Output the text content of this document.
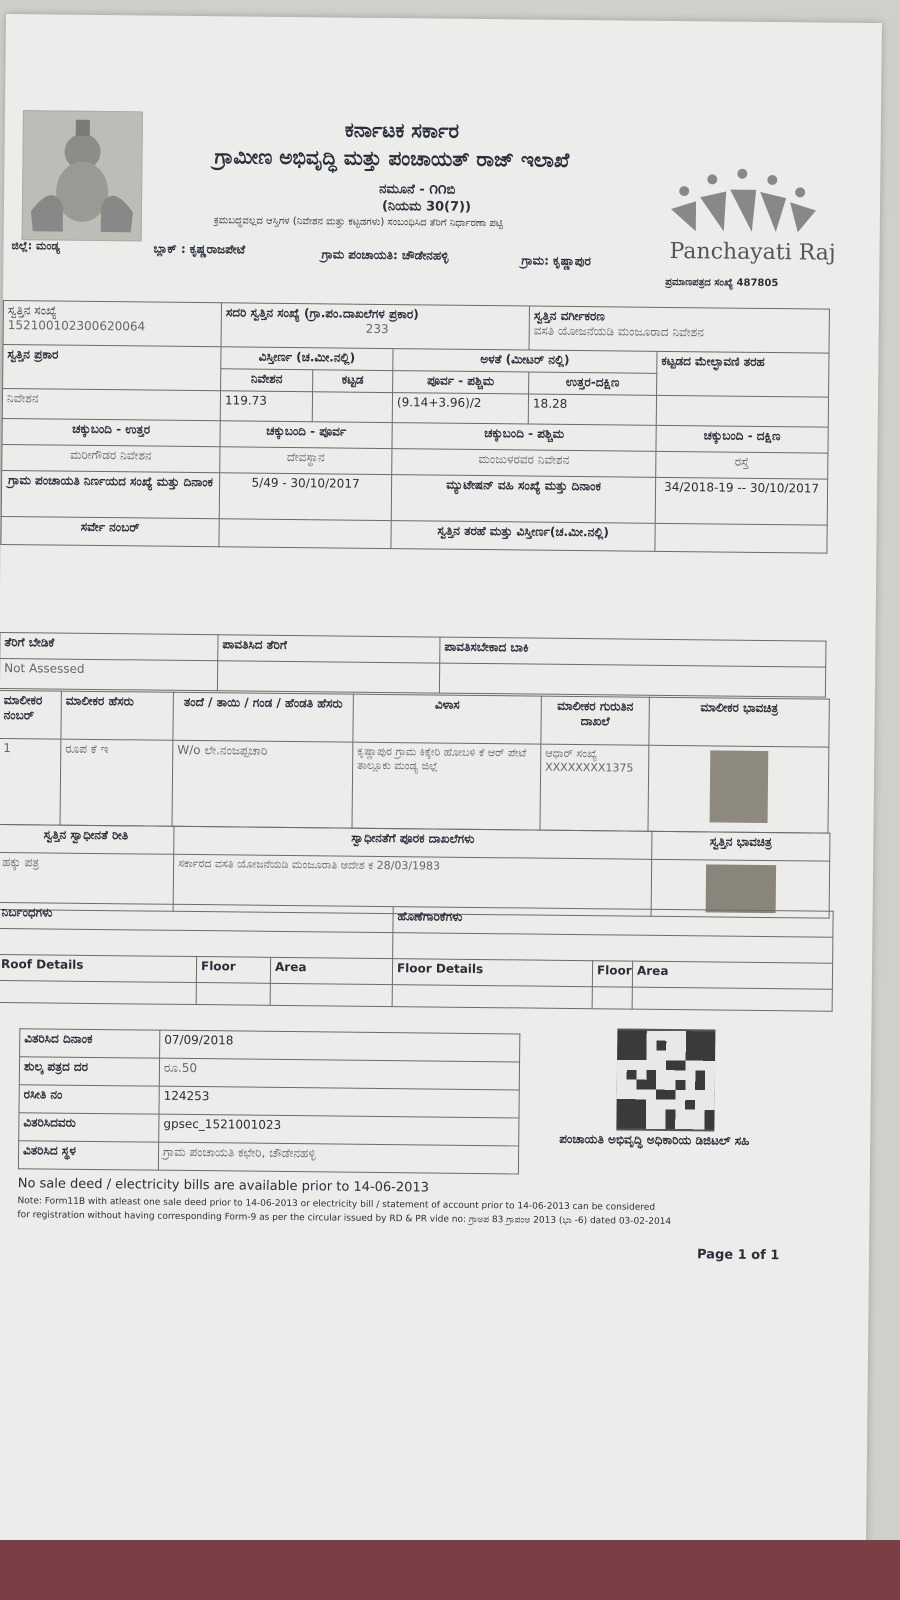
ಕರ್ನಾಟಕ ಸರ್ಕಾರ
ಗ್ರಾಮೀಣ ಅಭಿವೃದ್ಧಿ ಮತ್ತು ಪಂಚಾಯತ್ ರಾಜ್ ಇಲಾಖೆ
ನಮೂನೆ - ౧౧ಬಿ
(ನಿಯಮ 30(7))
ಕ್ರಮಬದ್ಧವಲ್ಲದ ಆಸ್ತಿಗಳ (ನಿವೇಶನ ಮತ್ತು ಕಟ್ಟಡಗಳು) ಸಂಬಂಧಿಸಿದ ತೆರಿಗೆ ನಿರ್ಧಾರಣಾ ಪಟ್ಟಿ
ಜಿಲ್ಲೆ: ಮಂಡ್ಯ	ಬ್ಲಾಕ್ : ಕೃಷ್ಣರಾಜಪೇಟೆ	ಗ್ರಾಮ ಪಂಚಾಯತಿ: ಚೌಡೇನಹಳ್ಳಿ	ಗ್ರಾಮ: ಕೃಷ್ಣಾಪುರ	Panchayati Raj
ಪ್ರಮಾಣಪತ್ರದ ಸಂಖ್ಯೆ 487805
ಸ್ವತ್ತಿನ ಸಂಖ್ಯೆ
152100102300620064	ಸದರಿ ಸ್ವತ್ತಿನ ಸಂಖ್ಯೆ (ಗ್ರಾ.ಪಂ.ದಾಖಲೆಗಳ ಪ್ರಕಾರ)
233			ಸ್ವತ್ತಿನ ವರ್ಗೀಕರಣ
ವಸತಿ ಯೋಜನೆಯಡಿ ಮಂಜೂರಾದ ನಿವೇಶನ	
ಸ್ವತ್ತಿನ ಪ್ರಕಾರ	ವಿಸ್ತೀರ್ಣ (ಚ.ಮೀ.ನಲ್ಲಿ)		ಅಳತೆ (ಮೀಟರ್ ನಲ್ಲಿ)		ಕಟ್ಟಡದ ಮೇಲ್ಛಾವಣಿ ತರಹ
	ನಿವೇಶನ	ಕಟ್ಟಡ	ಪೂರ್ವ - ಪಶ್ಚಿಮ	ಉತ್ತರ-ದಕ್ಷಿಣ	
ನಿವೇಶನ	119.73		(9.14+3.96)/2	18.28	
ಚಕ್ಕುಬಂದಿ - ಉತ್ತರ	ಚಕ್ಕುಬಂದಿ - ಪೂರ್ವ		ಚಕ್ಕುಬಂದಿ - ಪಶ್ಚಿಮ		ಚಕ್ಕುಬಂದಿ - ದಕ್ಷಿಣ
ಮರೀಗೌಡರ ನಿವೇಶನ	ದೇವಸ್ಥಾನ		ಮಂಜುಳರವರ ನಿವೇಶನ		ರಸ್ತೆ
ಗ್ರಾಮ ಪಂಚಾಯತಿ ನಿರ್ಣಯದ ಸಂಖ್ಯೆ ಮತ್ತು ದಿನಾಂಕ	5/49 - 30/10/2017		ಮ್ಯುಟೇಷನ್ ವಹಿ ಸಂಖ್ಯೆ ಮತ್ತು ದಿನಾಂಕ		34/2018-19 -- 30/10/2017
ಸರ್ವೇ ನಂಬರ್			ಸ್ವತ್ತಿನ ತರಹೆ ಮತ್ತು ವಿಸ್ತೀರ್ಣ(ಚ.ಮೀ.ನಲ್ಲಿ)		
ತೆರಿಗೆ ಬೇಡಿಕೆ	ಪಾವತಿಸಿದ ತೆರಿಗೆ	ಪಾವತಿಸಬೇಕಾದ ಬಾಕಿ
Not Assessed		
ಮಾಲೀಕರ ನಂಬರ್	ಮಾಲೀಕರ ಹೆಸರು	ತಂದೆ / ತಾಯಿ / ಗಂಡ / ಹೆಂಡತಿ ಹೆಸರು	ವಿಳಾಸ	ಮಾಲೀಕರ ಗುರುತಿನ ದಾಖಲೆ	ಮಾಲೀಕರ ಭಾವಚಿತ್ರ
1	ರೂಪ ಕೆ ಇ	W/o ಲೇ.ನಂಜಪ್ಪಚಾರಿ	ಕೃಷ್ಣಾಪುರ ಗ್ರಾಮ ಕಿಕ್ಕೇರಿ ಹೋಬಳಿ ಕೆ ಆರ್ ಪೇಟೆ ತಾಲ್ಲೂಕು ಮಂಡ್ಯ ಜಿಲ್ಲೆ	ಆಧಾರ್ ಸಂಖ್ಯೆ
XXXXXXXX1375	
ಸ್ವತ್ತಿನ ಸ್ವಾಧೀನತೆ ರೀತಿ	ಸ್ವಾಧೀನತೆಗೆ ಪೂರಕ ದಾಖಲೆಗಳು	ಸ್ವತ್ತಿನ ಭಾವಚಿತ್ರ
ಹಕ್ಕು ಪತ್ರ	ಸರ್ಕಾರದ ವಸತಿ ಯೋಜನೆಯಡಿ ಮಂಜೂರಾತಿ ಆದೇಶ ಕ 28/03/1983	
ನಿರ್ಬಂಧಗಳು			ಹೊಣೆಗಾರಿಕೆಗಳು		

Roof Details	Floor	Area	Floor Details	Floor	Area

ವಿತರಿಸಿದ ದಿನಾಂಕ	07/09/2018
ಶುಲ್ಕ ಪತ್ರದ ದರ	ರೂ.50
ರಸೀತಿ ನಂ	124253
ವಿತರಿಸಿದವರು	gpsec_1521001023
ವಿತರಿಸಿದ ಸ್ಥಳ	ಗ್ರಾಮ ಪಂಚಾಯತಿ ಕಛೇರಿ, ಚೌಡೇನಹಳ್ಳಿ
ಪಂಚಾಯತಿ ಅಭಿವೃದ್ಧಿ ಅಧಿಕಾರಿಯ ಡಿಜಿಟಲ್ ಸಹಿ
No sale deed / electricity bills are available prior to 14-06-2013
Note: Form11B with atleast one sale deed prior to 14-06-2013 or electricity bill / statement of account prior to 14-06-2013 can be considered
for registration without having corresponding Form-9 as per the circular issued by RD & PR vide no: ಗ್ರಾಅಪ 83 ಗ್ರಾಪಂಅ 2013 (ಭಾ -6) dated 03-02-2014
Page 1 of 1
